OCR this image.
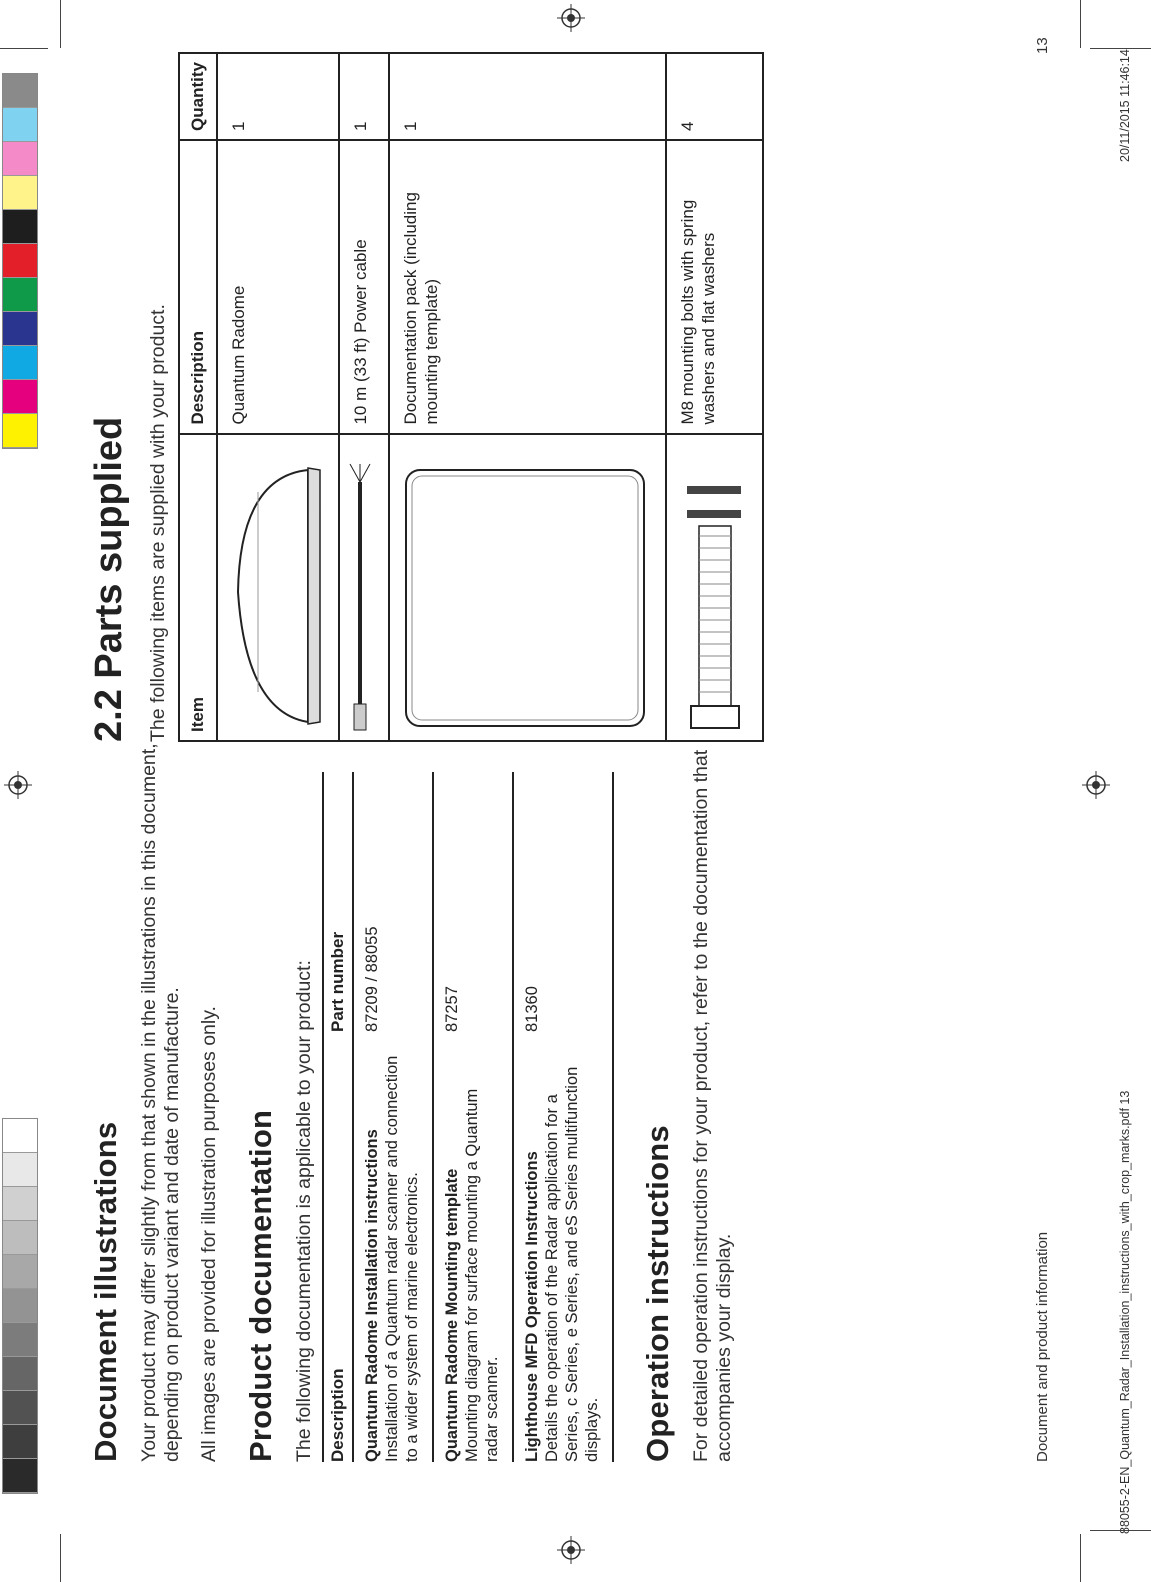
Document illustrations Your product may differ slightly from that shown in the illustrations in this document, depending on product variant and date of manufacture. All images are provided for illustration purposes only. Product documentation The following documentation is applicable to your product: Description	Part number

Quantum Radome Installation instructions Installation of a Quantum radar scanner and connection to a wider system of marine electronics.	87209 / 88055

Quantum Radome Mounting template Mounting diagram for surface mounting a Quantum radar scanner.	87257

Lighthouse MFD Operation Instructions Details the operation of the Radar application for a Series, c Series, e Series, and eS Series multifunction displays.	81360
Operation instructions For detailed operation instructions for your product, refer to the documentation that accompanies your display.

2.2 Parts supplied The following items are supplied with your product. Item	Description	Quantity
	Quantum Radome	1
	10 m (33 ft) Power cable	1
	Documentation pack (including mounting template)	1
	M8 mounting bolts with spring washers and flat washers	4
Document and product information
13
88055-2-EN_Quantum_Radar_Installation_instructions_with_crop_marks.pdf 13
20/11/2015 11:46:14
